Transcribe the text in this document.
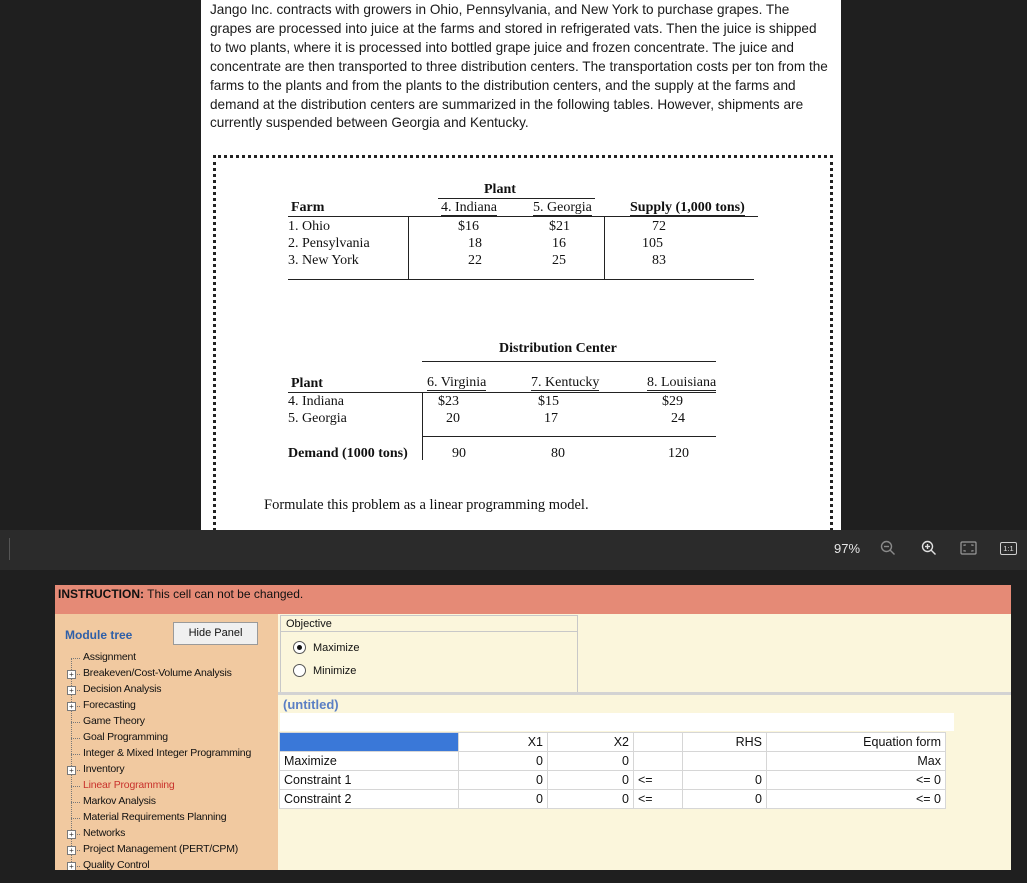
Jango Inc. contracts with growers in Ohio, Pennsylvania, and New York to purchase grapes. The grapes are processed into juice at the farms and stored in refrigerated vats. Then the juice is shipped to two plants, where it is processed into bottled grape juice and frozen concentrate. The juice and concentrate are then transported to three distribution centers. The transportation costs per ton from the farms to the plants and from the plants to the distribution centers, and the supply at the farms and demand at the distribution centers are summarized in the following tables. However, shipments are currently suspended between Georgia and Kentucky.
Plant
Farm	4. Indiana	5. Georgia	Supply (1,000 tons)
1. Ohio	$16	$21	72
2. Pensylvania	18	16	105
3. New York	22	25	83
Distribution Center
Plant	6. Virginia	7. Kentucky	8. Louisiana
4. Indiana	$23	$15	$29
5. Georgia	20	17	24
Demand (1000 tons)	90	80	120
Formulate this problem as a linear programming model.
97%	1:1
INSTRUCTION: This cell can not be changed.
Module tree	Hide Panel
Assignment
+ Breakeven/Cost-Volume Analysis
+ Decision Analysis
+ Forecasting
Game Theory
Goal Programming
Integer & Mixed Integer Programming
+ Inventory
Linear Programming
Markov Analysis
Material Requirements Planning
+ Networks
+ Project Management (PERT/CPM)
+ Quality Control
Objective
Maximize
Minimize
(untitled)
	X1	X2		RHS	Equation form
Maximize	0	0			Max
Constraint 1	0	0	<=	0	<= 0
Constraint 2	0	0	<=	0	<= 0
